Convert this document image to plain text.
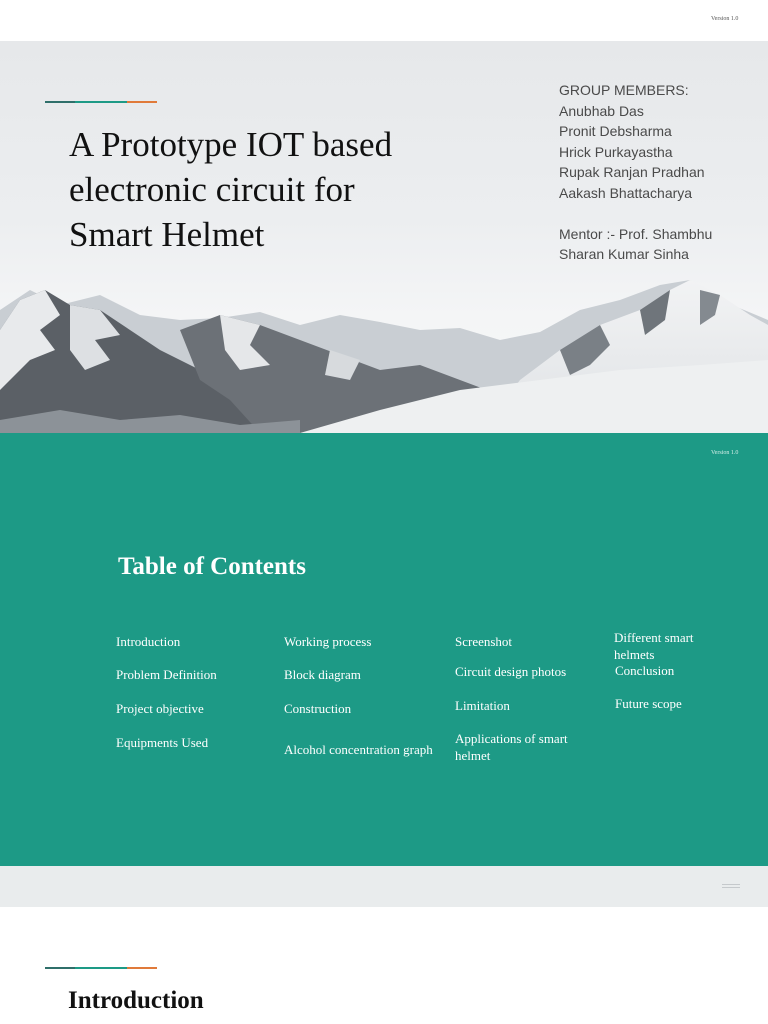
Version 1.0
A Prototype IOT based
electronic circuit for
Smart Helmet
GROUP MEMBERS:
Anubhab Das
Pronit Debsharma
Hrick Purkayastha
Rupak Ranjan Pradhan
Aakash Bhattacharya
Mentor :- Prof. Shambhu
Sharan Kumar Sinha
Version 1.0
Table of Contents
Introduction
Problem Definition
Project objective
Equipments Used
Working process
Block diagram
Construction
Alcohol concentration graph
Screenshot
Circuit design photos
Limitation
Applications of smart helmet
Different smart helmets
Conclusion
Future scope
Introduction
